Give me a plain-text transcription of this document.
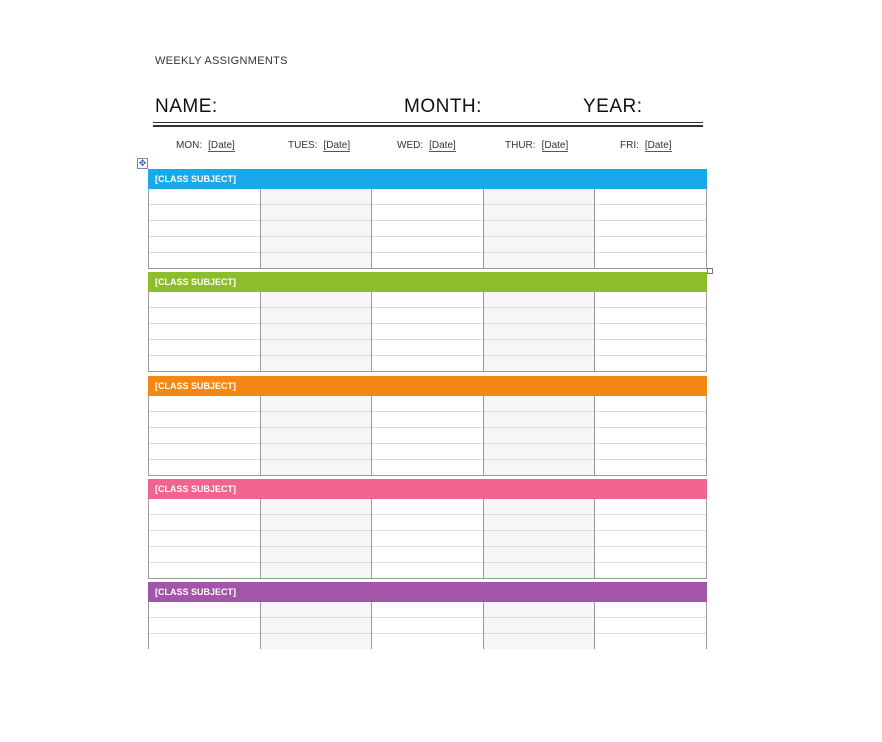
WEEKLY ASSIGNMENTS
NAME:	MONTH:	YEAR:
MON: [Date]	TUES: [Date]	WED: [Date]	THUR: [Date]	FRI: [Date]
✥
[CLASS SUBJECT]
[CLASS SUBJECT]
[CLASS SUBJECT]
[CLASS SUBJECT]
[CLASS SUBJECT]
